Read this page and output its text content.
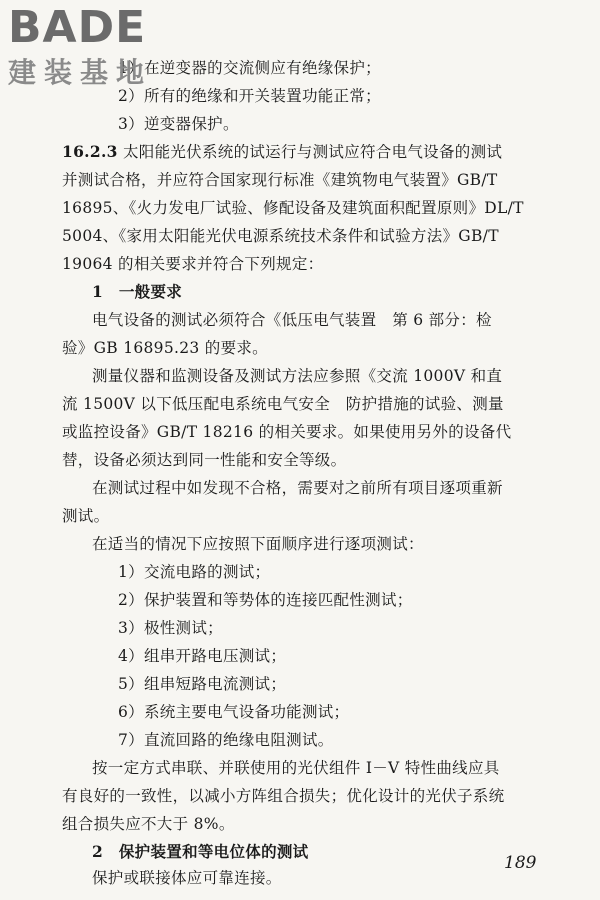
BADE
建装基地
1）在逆变器的交流侧应有绝缘保护；
2）所有的绝缘和开关装置功能正常；
3）逆变器保护。
16.2.3 太阳能光伏系统的试运行与测试应符合电气设备的测试
并测试合格，并应符合国家现行标准《建筑物电气装置》GB/T
16895、《火力发电厂试验、修配设备及建筑面积配置原则》DL/T
5004、《家用太阳能光伏电源系统技术条件和试验方法》GB/T
19064 的相关要求并符合下列规定：
1　一般要求
电气设备的测试必须符合《低压电气装置　第 6 部分：检
验》GB 16895.23 的要求。
测量仪器和监测设备及测试方法应参照《交流 1000V 和直
流 1500V 以下低压配电系统电气安全　防护措施的试验、测量
或监控设备》GB/T 18216 的相关要求。如果使用另外的设备代
替，设备必须达到同一性能和安全等级。
在测试过程中如发现不合格，需要对之前所有项目逐项重新
测试。
在适当的情况下应按照下面顺序进行逐项测试：
1）交流电路的测试；
2）保护装置和等势体的连接匹配性测试；
3）极性测试；
4）组串开路电压测试；
5）组串短路电流测试；
6）系统主要电气设备功能测试；
7）直流回路的绝缘电阻测试。
按一定方式串联、并联使用的光伏组件 I－V 特性曲线应具
有良好的一致性，以减小方阵组合损失；优化设计的光伏子系统
组合损失应不大于 8%。
2　保护装置和等电位体的测试
保护或联接体应可靠连接。
189
